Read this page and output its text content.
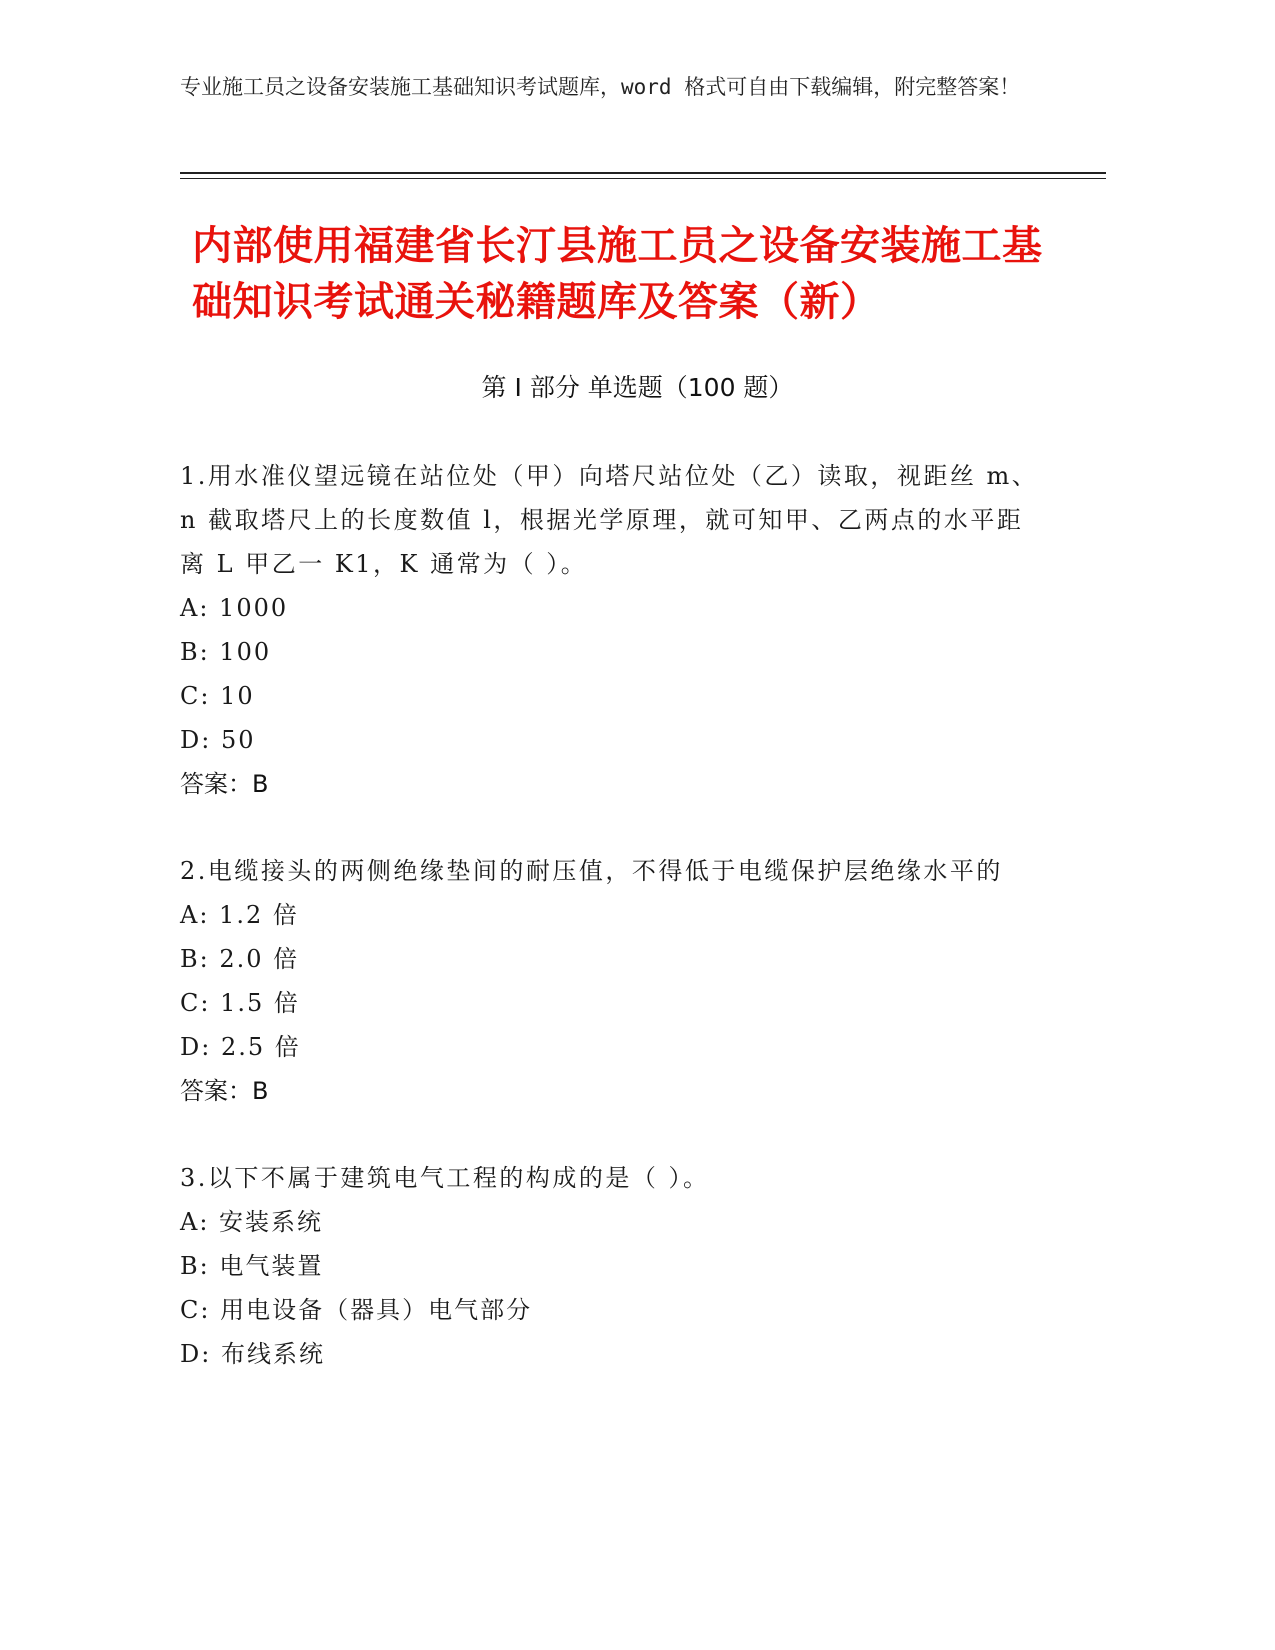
专业施工员之设备安装施工基础知识考试题库，word 格式可自由下载编辑，附完整答案！
内部使用福建省长汀县施工员之设备安装施工基础知识考试通关秘籍题库及答案（新）
第 I 部分 单选题（100 题）
1.用水准仪望远镜在站位处（甲）向塔尺站位处（乙）读取，视距丝 m、n 截取塔尺上的长度数值 l，根据光学原理，就可知甲、乙两点的水平距离 L 甲乙一 K1，K 通常为（ ）。
A: 1000
B: 100
C: 10
D: 50
答案：B
2.电缆接头的两侧绝缘垫间的耐压值，不得低于电缆保护层绝缘水平的
A: 1.2 倍
B: 2.0 倍
C: 1.5 倍
D: 2.5 倍
答案：B
3.以下不属于建筑电气工程的构成的是（ ）。
A: 安装系统
B: 电气装置
C: 用电设备（器具）电气部分
D: 布线系统
